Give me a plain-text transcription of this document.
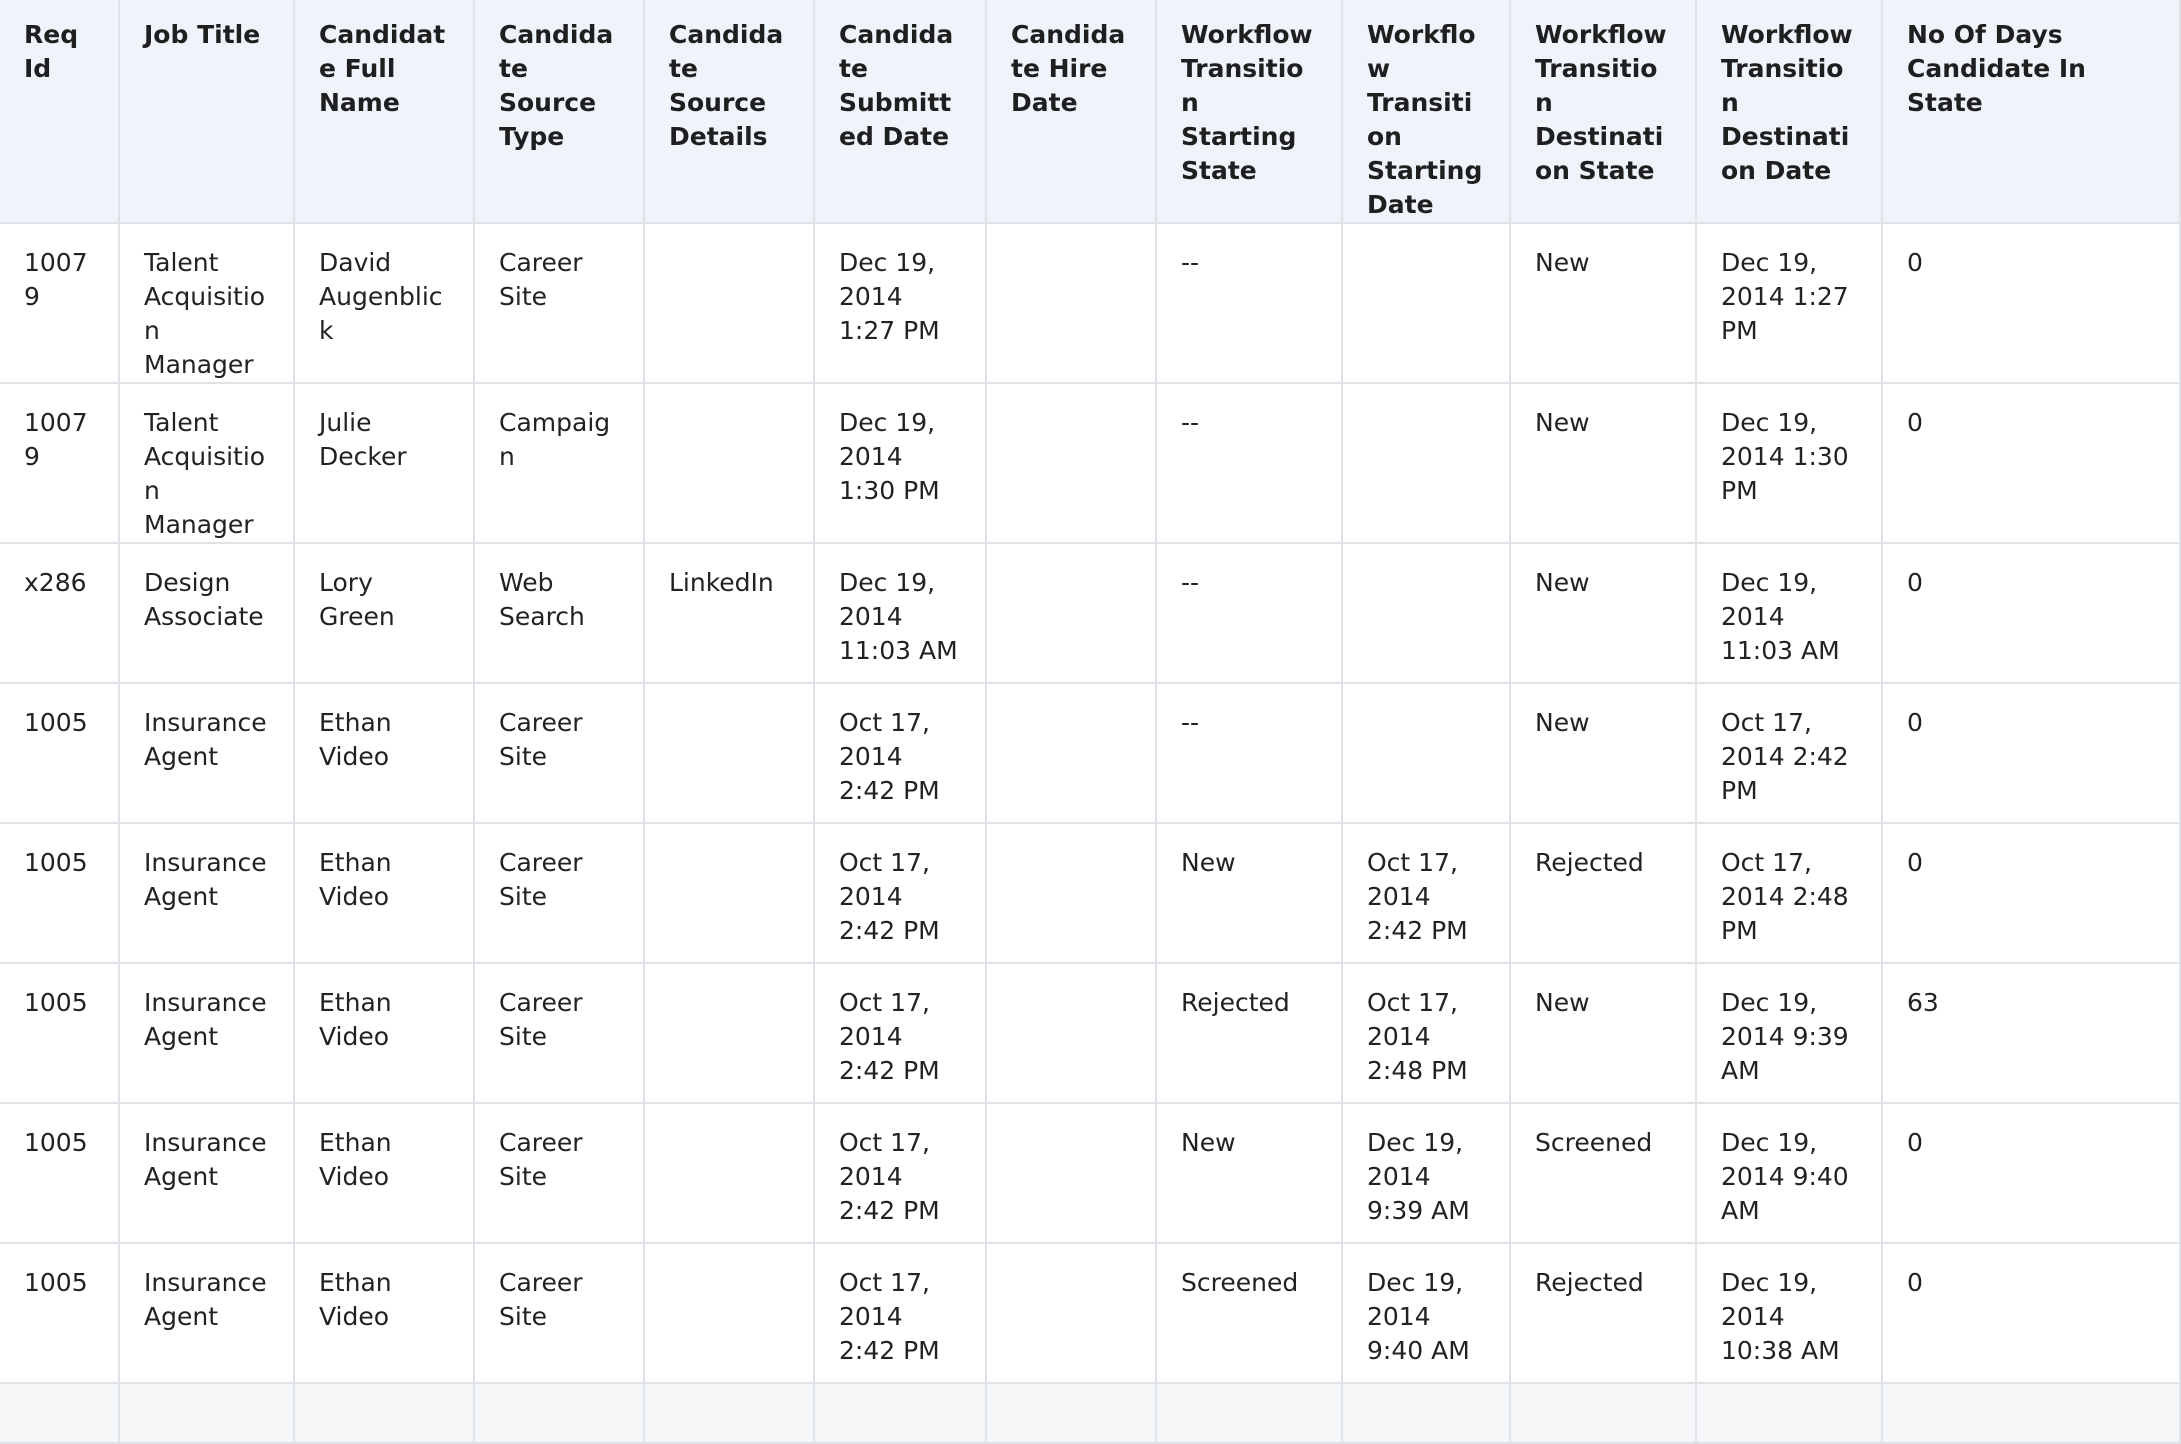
Req Id	Job Title	Candidate Full Name	Candidate Source Type	Candidate Source Details	Candidate Submitted Date	Candidate Hire Date	Workflow Transition Starting State	Workflow Transition Starting Date	Workflow Transition Destination State	Workflow Transition Destination Date	No Of Days Candidate In State

10079	Talent Acquisition Manager	David Augenblick	Career Site		Dec 19, 2014 1:27 PM		--		New	Dec 19, 2014 1:27 PM	0

10079	Talent Acquisition Manager	Julie Decker	Campaign		Dec 19, 2014 1:30 PM		--		New	Dec 19, 2014 1:30 PM	0

x286	Design Associate	Lory Green	Web Search	LinkedIn	Dec 19, 2014 11:03 AM		--		New	Dec 19, 2014 11:03 AM	0

1005	Insurance Agent	Ethan Video	Career Site		Oct 17, 2014 2:42 PM		--		New	Oct 17, 2014 2:42 PM	0

1005	Insurance Agent	Ethan Video	Career Site		Oct 17, 2014 2:42 PM		New	Oct 17, 2014 2:42 PM	Rejected	Oct 17, 2014 2:48 PM	0

1005	Insurance Agent	Ethan Video	Career Site		Oct 17, 2014 2:42 PM		Rejected	Oct 17, 2014 2:48 PM	New	Dec 19, 2014 9:39 AM	63

1005	Insurance Agent	Ethan Video	Career Site		Oct 17, 2014 2:42 PM		New	Dec 19, 2014 9:39 AM	Screened	Dec 19, 2014 9:40 AM	0

1005	Insurance Agent	Ethan Video	Career Site		Oct 17, 2014 2:42 PM		Screened	Dec 19, 2014 9:40 AM	Rejected	Dec 19, 2014 10:38 AM	0
